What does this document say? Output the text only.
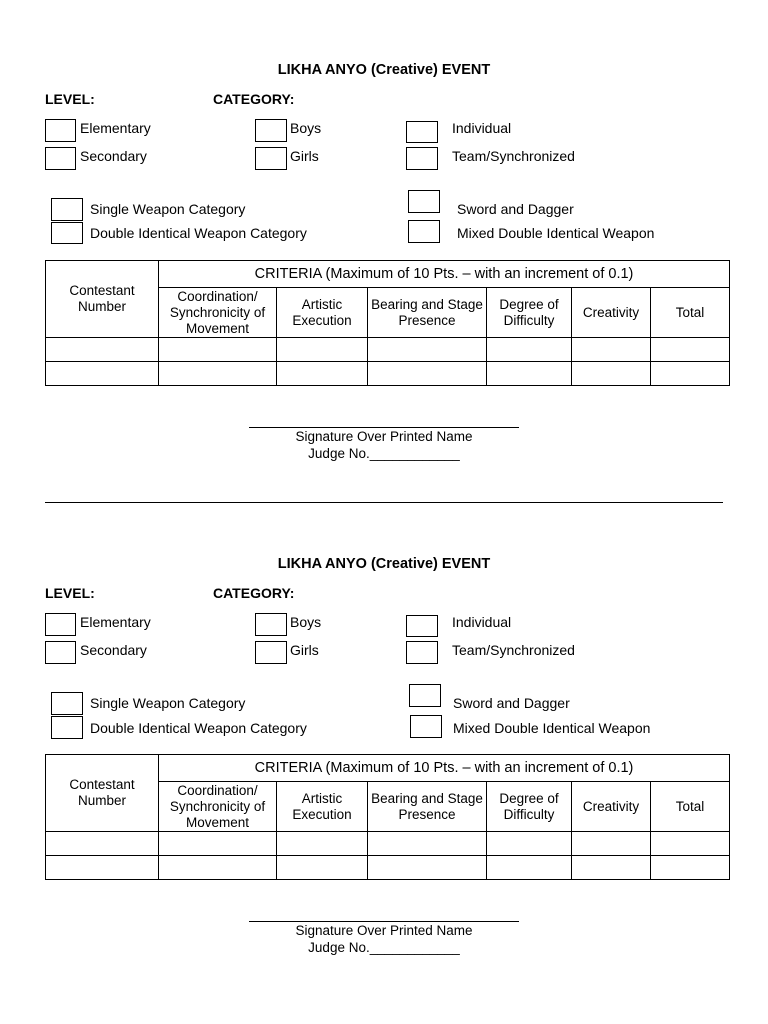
LIKHA ANYO (Creative) EVENT
LEVEL:	CATEGORY:
Elementary
Secondary
Boys
Girls
Individual
Team/Synchronized
Single Weapon Category
Double Identical Weapon Category
Sword and Dagger
Mixed Double Identical Weapon
Contestant Number	CRITERIA (Maximum of 10 Pts. – with an increment of 0.1)					
	Coordination/ Synchronicity of Movement	Artistic Execution	Bearing and Stage Presence	Degree of Difficulty	Creativity	Total

Signature Over Printed Name
Judge No.____________
LIKHA ANYO (Creative) EVENT
LEVEL:	CATEGORY:
Elementary
Secondary
Boys
Girls
Individual
Team/Synchronized
Single Weapon Category
Double Identical Weapon Category
Sword and Dagger
Mixed Double Identical Weapon
Contestant Number	CRITERIA (Maximum of 10 Pts. – with an increment of 0.1)					
	Coordination/ Synchronicity of Movement	Artistic Execution	Bearing and Stage Presence	Degree of Difficulty	Creativity	Total

Signature Over Printed Name
Judge No.____________
